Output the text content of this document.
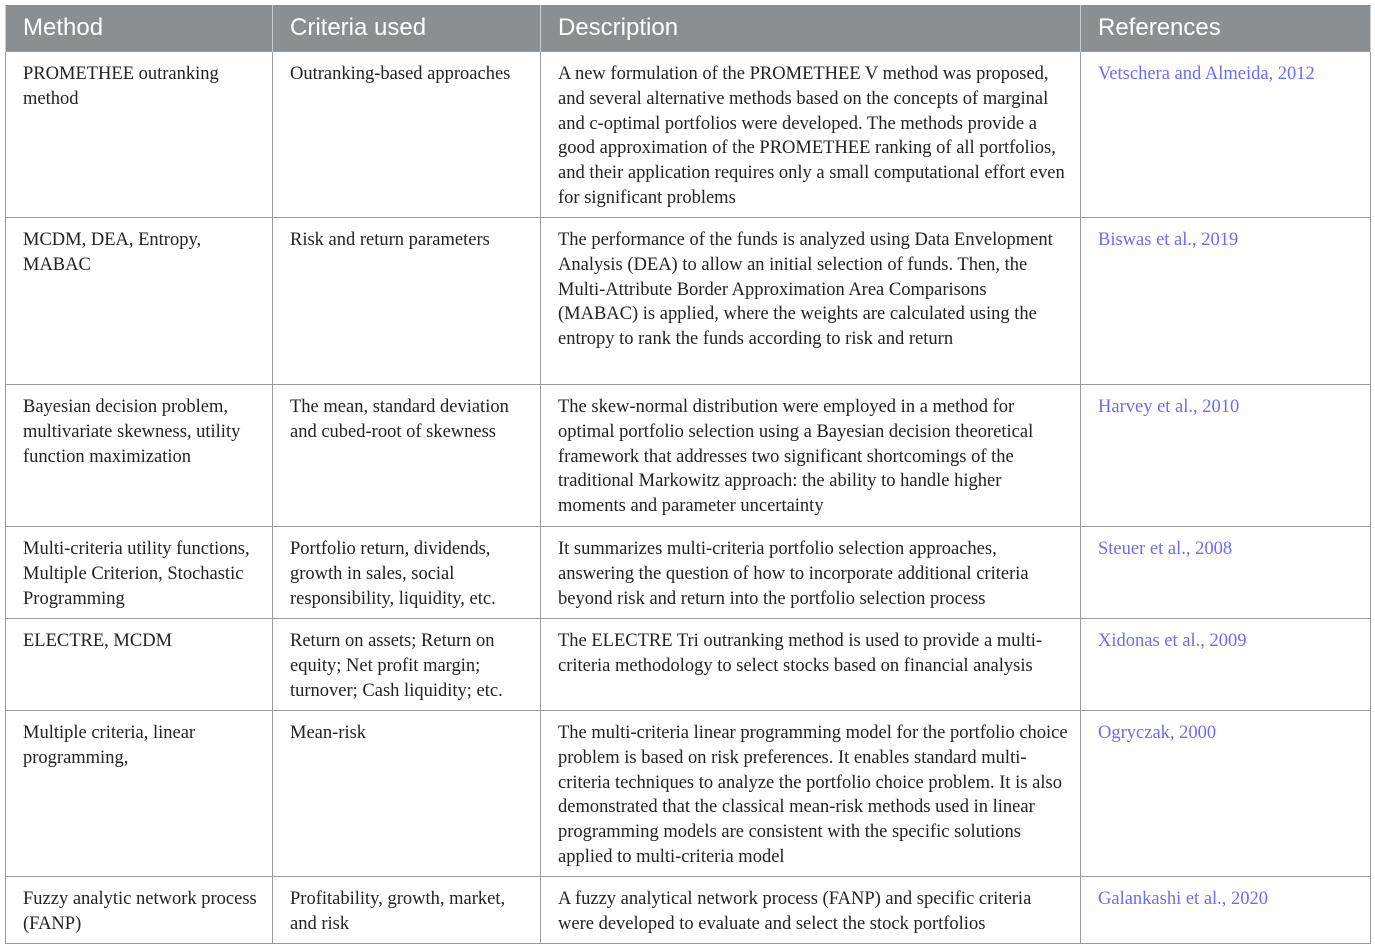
Method	Criteria used	Description	References
PROMETHEE outranking method	Outranking-based approaches	A new formulation of the PROMETHEE V method was proposed, and several alternative methods based on the concepts of marginal and c-optimal portfolios were developed. The methods provide a good approximation of the PROMETHEE ranking of all portfolios, and their application requires only a small computational effort even for significant problems	Vetschera and Almeida, 2012
MCDM, DEA, Entropy, MABAC	Risk and return parameters	The performance of the funds is analyzed using Data Envelopment Analysis (DEA) to allow an initial selection of funds. Then, the Multi-Attribute Border Approximation Area Comparisons (MABAC) is applied, where the weights are calculated using the entropy to rank the funds according to risk and return	Biswas et al., 2019
Bayesian decision problem, multivariate skewness, utility function maximization	The mean, standard deviation and cubed-root of skewness	The skew-normal distribution were employed in a method for optimal portfolio selection using a Bayesian decision theoretical framework that addresses two significant shortcomings of the traditional Markowitz approach: the ability to handle higher moments and parameter uncertainty	Harvey et al., 2010
Multi-criteria utility functions, Multiple Criterion, Stochastic Programming	Portfolio return, dividends, growth in sales, social responsibility, liquidity, etc.	It summarizes multi-criteria portfolio selection approaches, answering the question of how to incorporate additional criteria beyond risk and return into the portfolio selection process	Steuer et al., 2008
ELECTRE, MCDM	Return on assets; Return on equity; Net profit margin; turnover; Cash liquidity; etc.	The ELECTRE Tri outranking method is used to provide a multi-criteria methodology to select stocks based on financial analysis	Xidonas et al., 2009
Multiple criteria, linear programming,	Mean-risk	The multi-criteria linear programming model for the portfolio choice problem is based on risk preferences. It enables standard multi-criteria techniques to analyze the portfolio choice problem. It is also demonstrated that the classical mean-risk methods used in linear programming models are consistent with the specific solutions applied to multi-criteria model	Ogryczak, 2000
Fuzzy analytic network process (FANP)	Profitability, growth, market, and risk	A fuzzy analytical network process (FANP) and specific criteria were developed to evaluate and select the stock portfolios	Galankashi et al., 2020
